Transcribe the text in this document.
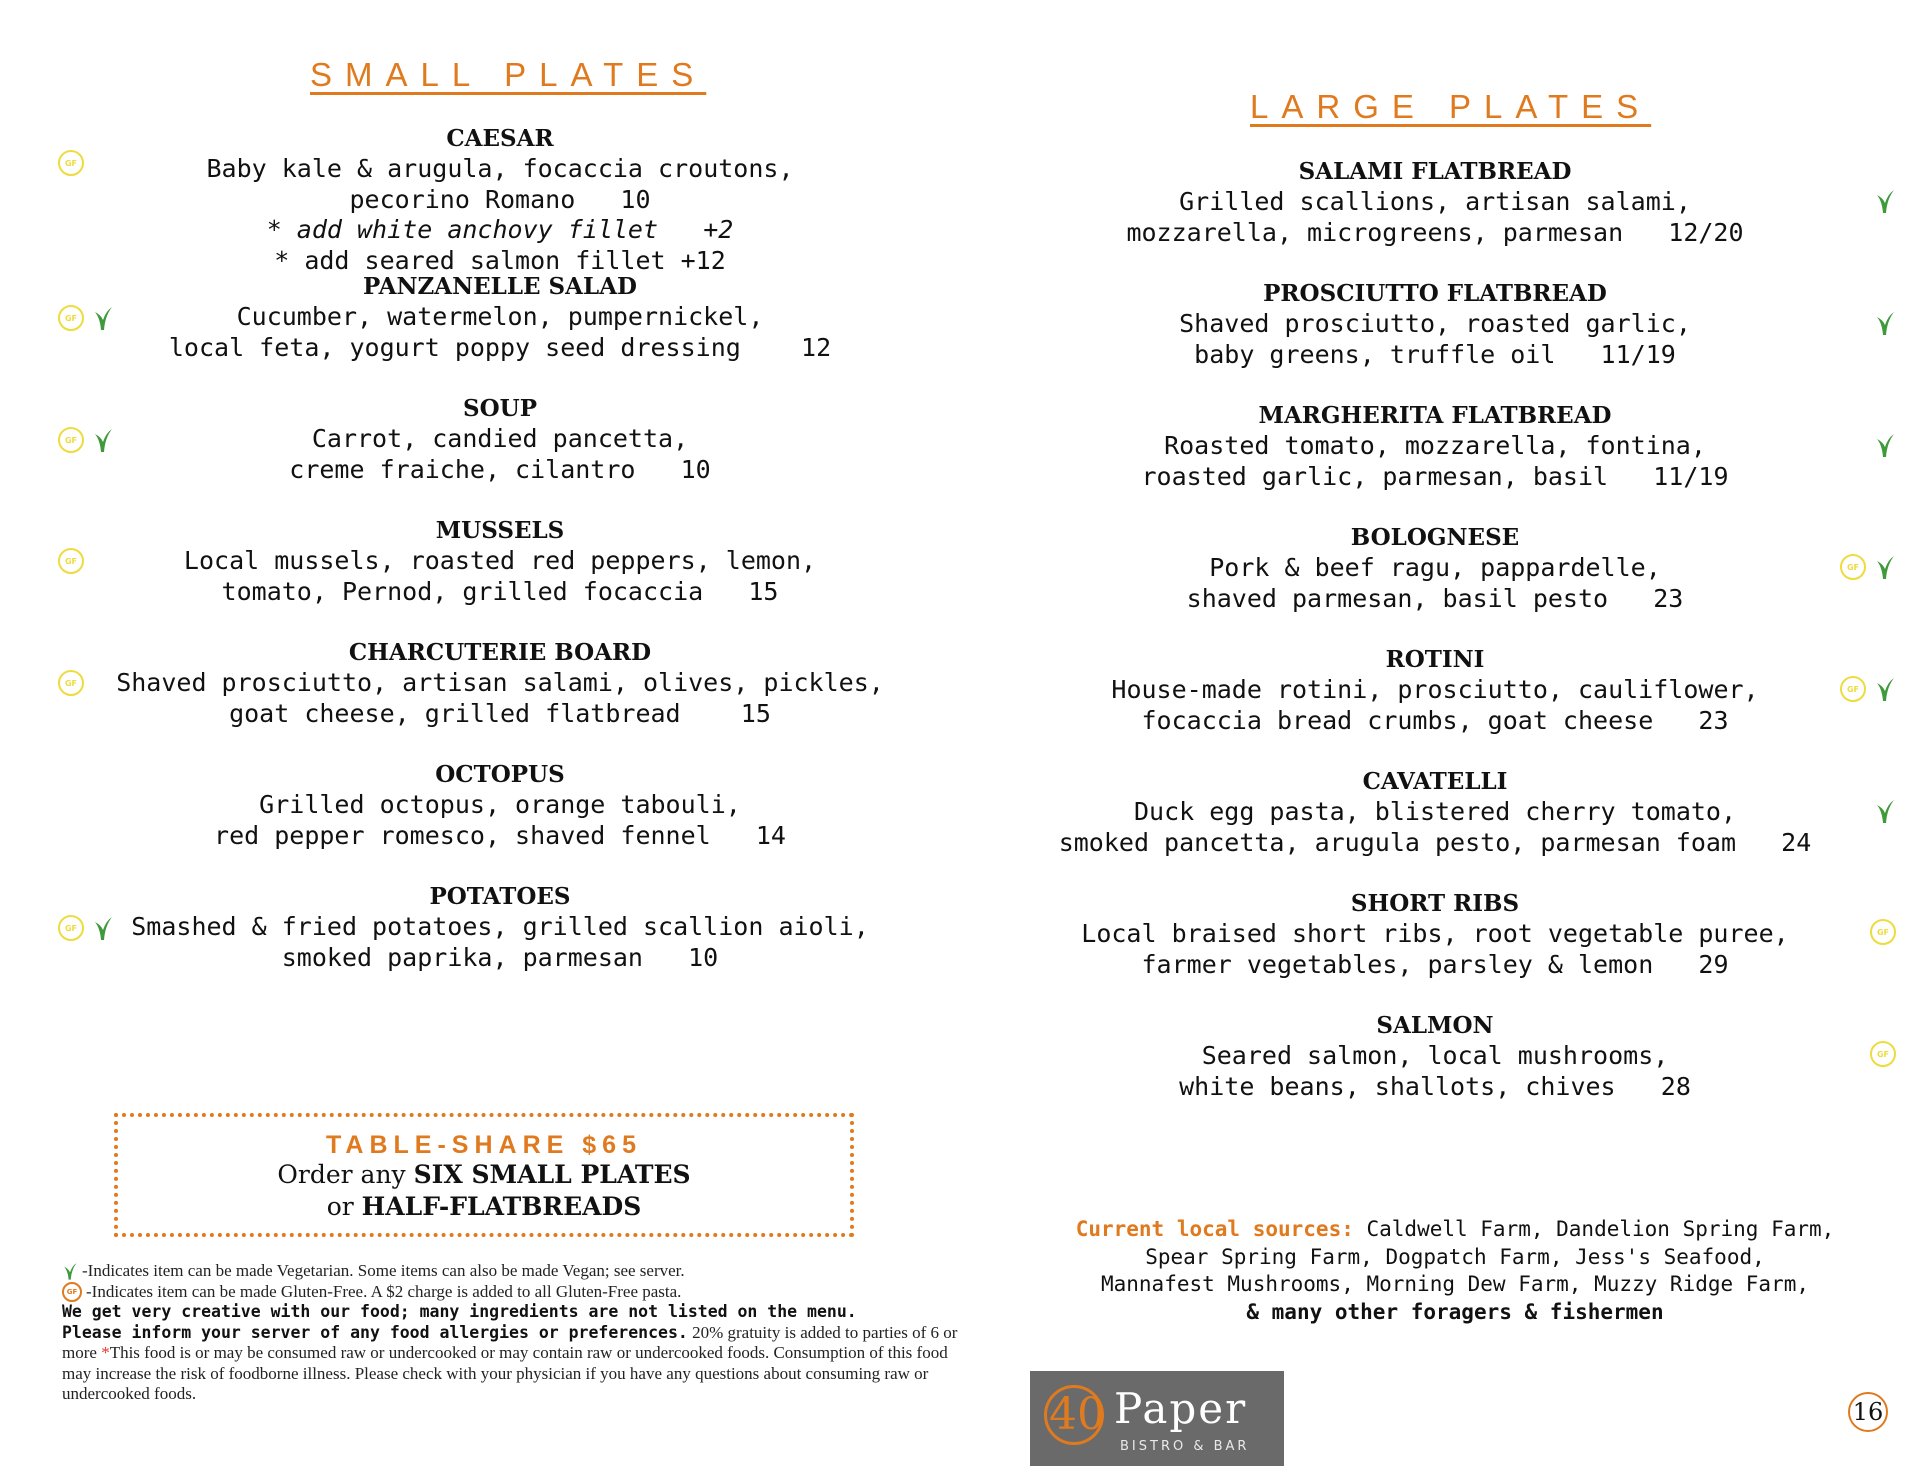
SMALL PLATES
CAESAR
Baby kale & arugula, focaccia croutons,
pecorino Romano   10
* add white anchovy fillet   +2
* add seared salmon fillet +12
GF
PANZANELLE SALAD
Cucumber, watermelon, pumpernickel,
local feta, yogurt poppy seed dressing    12
GF
SOUP
Carrot, candied pancetta,
creme fraiche, cilantro   10
GF
MUSSELS
Local mussels, roasted red peppers, lemon,
tomato, Pernod, grilled focaccia   15
GF
CHARCUTERIE BOARD
Shaved prosciutto, artisan salami, olives, pickles,
goat cheese, grilled flatbread    15
GF
OCTOPUS
Grilled octopus, orange tabouli,
red pepper romesco, shaved fennel   14
POTATOES
Smashed & fried potatoes, grilled scallion aioli,
smoked paprika, parmesan   10
GF
TABLE-SHARE $65
Order any SIX SMALL PLATES
or HALF-FLATBREADS
-Indicates item can be made Vegetarian. Some items can also be made Vegan; see server.
GF -Indicates item can be made Gluten-Free. A $2 charge is added to all Gluten-Free pasta.
We get very creative with our food; many ingredients are not listed on the menu.
Please inform your server of any food allergies or preferences. 20% gratuity is added to parties of 6 or more *This food is or may be consumed raw or undercooked or may contain raw or undercooked foods. Consumption of this food may increase the risk of foodborne illness. Please check with your physician if you have any questions about consuming raw or undercooked foods.
LARGE PLATES
SALAMI FLATBREAD
Grilled scallions, artisan salami,
mozzarella, microgreens, parmesan   12/20
PROSCIUTTO FLATBREAD
Shaved prosciutto, roasted garlic,
baby greens, truffle oil   11/19
MARGHERITA FLATBREAD
Roasted tomato, mozzarella, fontina,
roasted garlic, parmesan, basil   11/19
BOLOGNESE
Pork & beef ragu, pappardelle,
shaved parmesan, basil pesto   23
GF
ROTINI
House-made rotini, prosciutto, cauliflower,
focaccia bread crumbs, goat cheese   23
GF
CAVATELLI
Duck egg pasta, blistered cherry tomato,
smoked pancetta, arugula pesto, parmesan foam   24
SHORT RIBS
Local braised short ribs, root vegetable puree,
farmer vegetables, parsley & lemon   29
GF
SALMON
Seared salmon, local mushrooms,
white beans, shallots, chives   28
GF
Current local sources: Caldwell Farm, Dandelion Spring Farm,
Spear Spring Farm, Dogpatch Farm, Jess's Seafood,
Mannafest Mushrooms, Morning Dew Farm, Muzzy Ridge Farm,
& many other foragers & fishermen
40 Paper
BISTRO & BAR
16
